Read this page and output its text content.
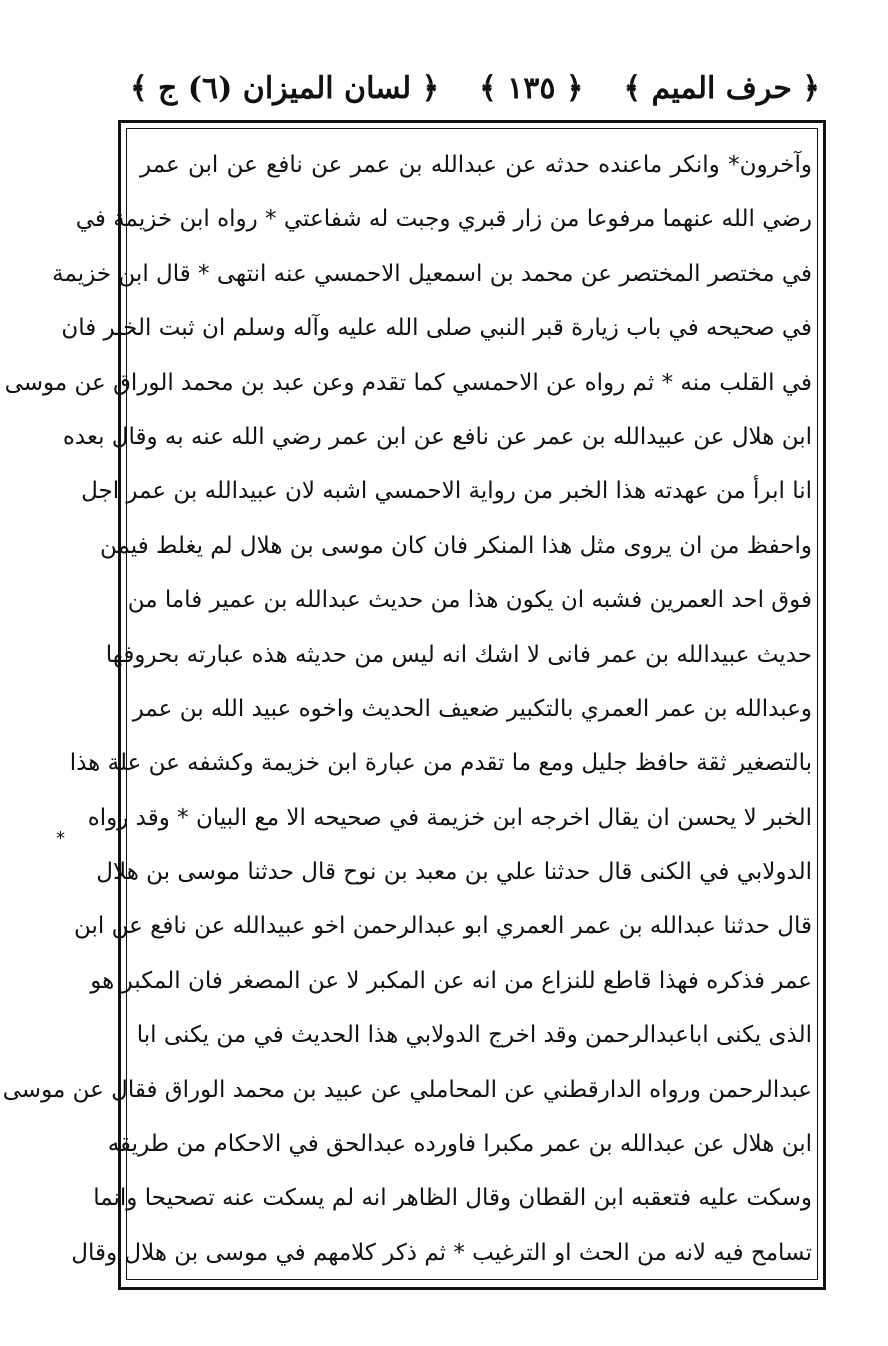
﴿ حرف الميم ﴾
﴿ ١٣٥ ﴾
﴿ لسان الميزان (٦) ج ﴾
وآخرون* وانكر ماعنده حدثه عن عبدالله بن عمر عن نافع عن ابن عمر
رضي الله عنهما مرفوعا من زار قبري وجبت له شفاعتي * رواه ابن خزيمة في
في مختصر المختصر عن محمد بن اسمعيل الاحمسي عنه انتهى * قال ابن خزيمة
في صحيحه في باب زيارة قبر النبي صلى الله عليه وآله وسلم ان ثبت الخبر فان
في القلب منه * ثم رواه عن الاحمسي كما تقدم وعن عبد بن محمد الوراق عن موسى
ابن هلال عن عبيدالله بن عمر عن نافع عن ابن عمر رضي الله عنه به وقال بعده
انا ابرأ من عهدته هذا الخبر من رواية الاحمسي اشبه لان عبيدالله بن عمر اجل
واحفظ من ان يروى مثل هذا المنكر فان كان موسى بن هلال لم يغلط فيمن
فوق احد العمرين فشبه ان يكون هذا من حديث عبدالله بن عمير فاما من
حديث عبيدالله بن عمر فانى لا اشك انه ليس من حديثه هذه عبارته بحروفها
وعبدالله بن عمر العمري بالتكبير ضعيف الحديث واخوه عبيد الله بن عمر
بالتصغير ثقة حافظ جليل ومع ما تقدم من عبارة ابن خزيمة وكشفه عن علة هذا
الخبر لا يحسن ان يقال اخرجه ابن خزيمة في صحيحه الا مع البيان * وقد رواه
الدولابي في الكنى قال حدثنا علي بن معبد بن نوح قال حدثنا موسى بن هلال
قال حدثنا عبدالله بن عمر العمري ابو عبدالرحمن اخو عبيدالله عن نافع عن ابن
عمر فذكره فهذا قاطع للنزاع من انه عن المكبر لا عن المصغر فان المكبر هو
الذى يكنى اباعبدالرحمن وقد اخرج الدولابي هذا الحديث في من يكنى ابا
عبدالرحمن ورواه الدارقطني عن المحاملي عن عبيد بن محمد الوراق فقال عن موسى
ابن هلال عن عبدالله بن عمر مكبرا فاورده عبدالحق في الاحكام من طريقه
وسكت عليه فتعقبه ابن القطان وقال الظاهر انه لم يسكت عنه تصحيحا وانما
تسامح فيه لانه من الحث او الترغيب * ثم ذكر كلامهم في موسى بن هلال وقال
*
